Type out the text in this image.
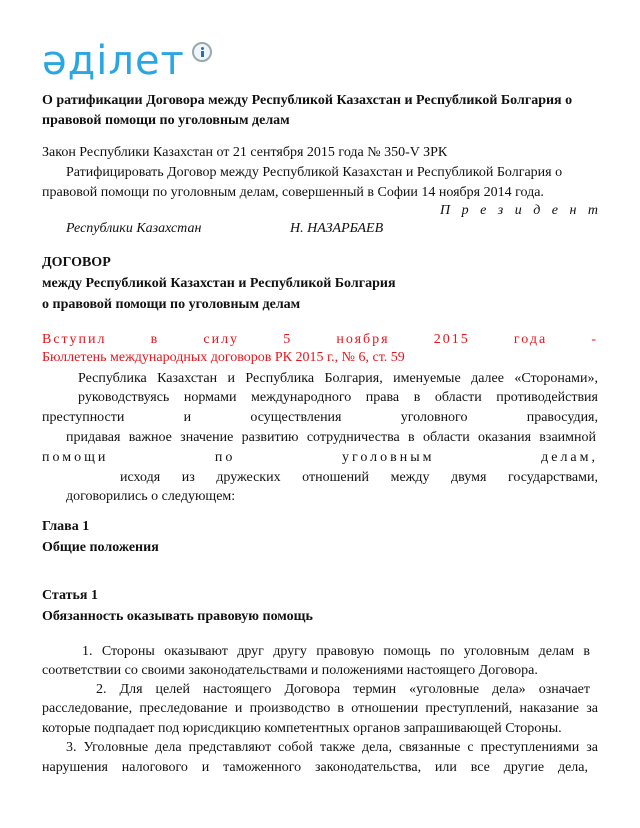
әділет
О ратификации Договора между Республикой Казахстан и Республикой Болгария о
правовой помощи по уголовным делам
Закон Республики Казахстан от 21 сентября 2015 года № 350-V ЗРК
Ратифицировать Договор между Республикой Казахстан и Республикой Болгария о
правовой помощи по уголовным делам, совершенный в Софии 14 ноября 2014 года.
П р е з и д е н т
Республики Казахстан	Н. НАЗАРБАЕВ
ДОГОВОР
между Республикой Казахстан и Республикой Болгария
о правовой помощи по уголовным делам
Вступил в силу 5 ноября 2015 года -
Бюллетень международных договоров РК 2015 г., № 6, ст. 59
Республика Казахстан и Республика Болгария, именуемые далее «Сторонами»,
руководствуясь нормами международного права в области противодействия
преступности и осуществления уголовного правосудия,
придавая важное значение развитию сотрудничества в области оказания взаимной
помощи по уголовным делам,
исходя из дружеских отношений между двумя государствами,
договорились о следующем:
Глава 1
Общие положения
Статья 1
Обязанность оказывать правовую помощь
1. Стороны оказывают друг другу правовую помощь по уголовным делам в
соответствии со своими законодательствами и положениями настоящего Договора.
2. Для целей настоящего Договора термин «уголовные дела» означает
расследование, преследование и производство в отношении преступлений, наказание за
которые подпадает под юрисдикцию компетентных органов запрашивающей Стороны.
3. Уголовные дела представляют собой также дела, связанные с преступлениями за
нарушения налогового и таможенного законодательства, или все другие дела,
